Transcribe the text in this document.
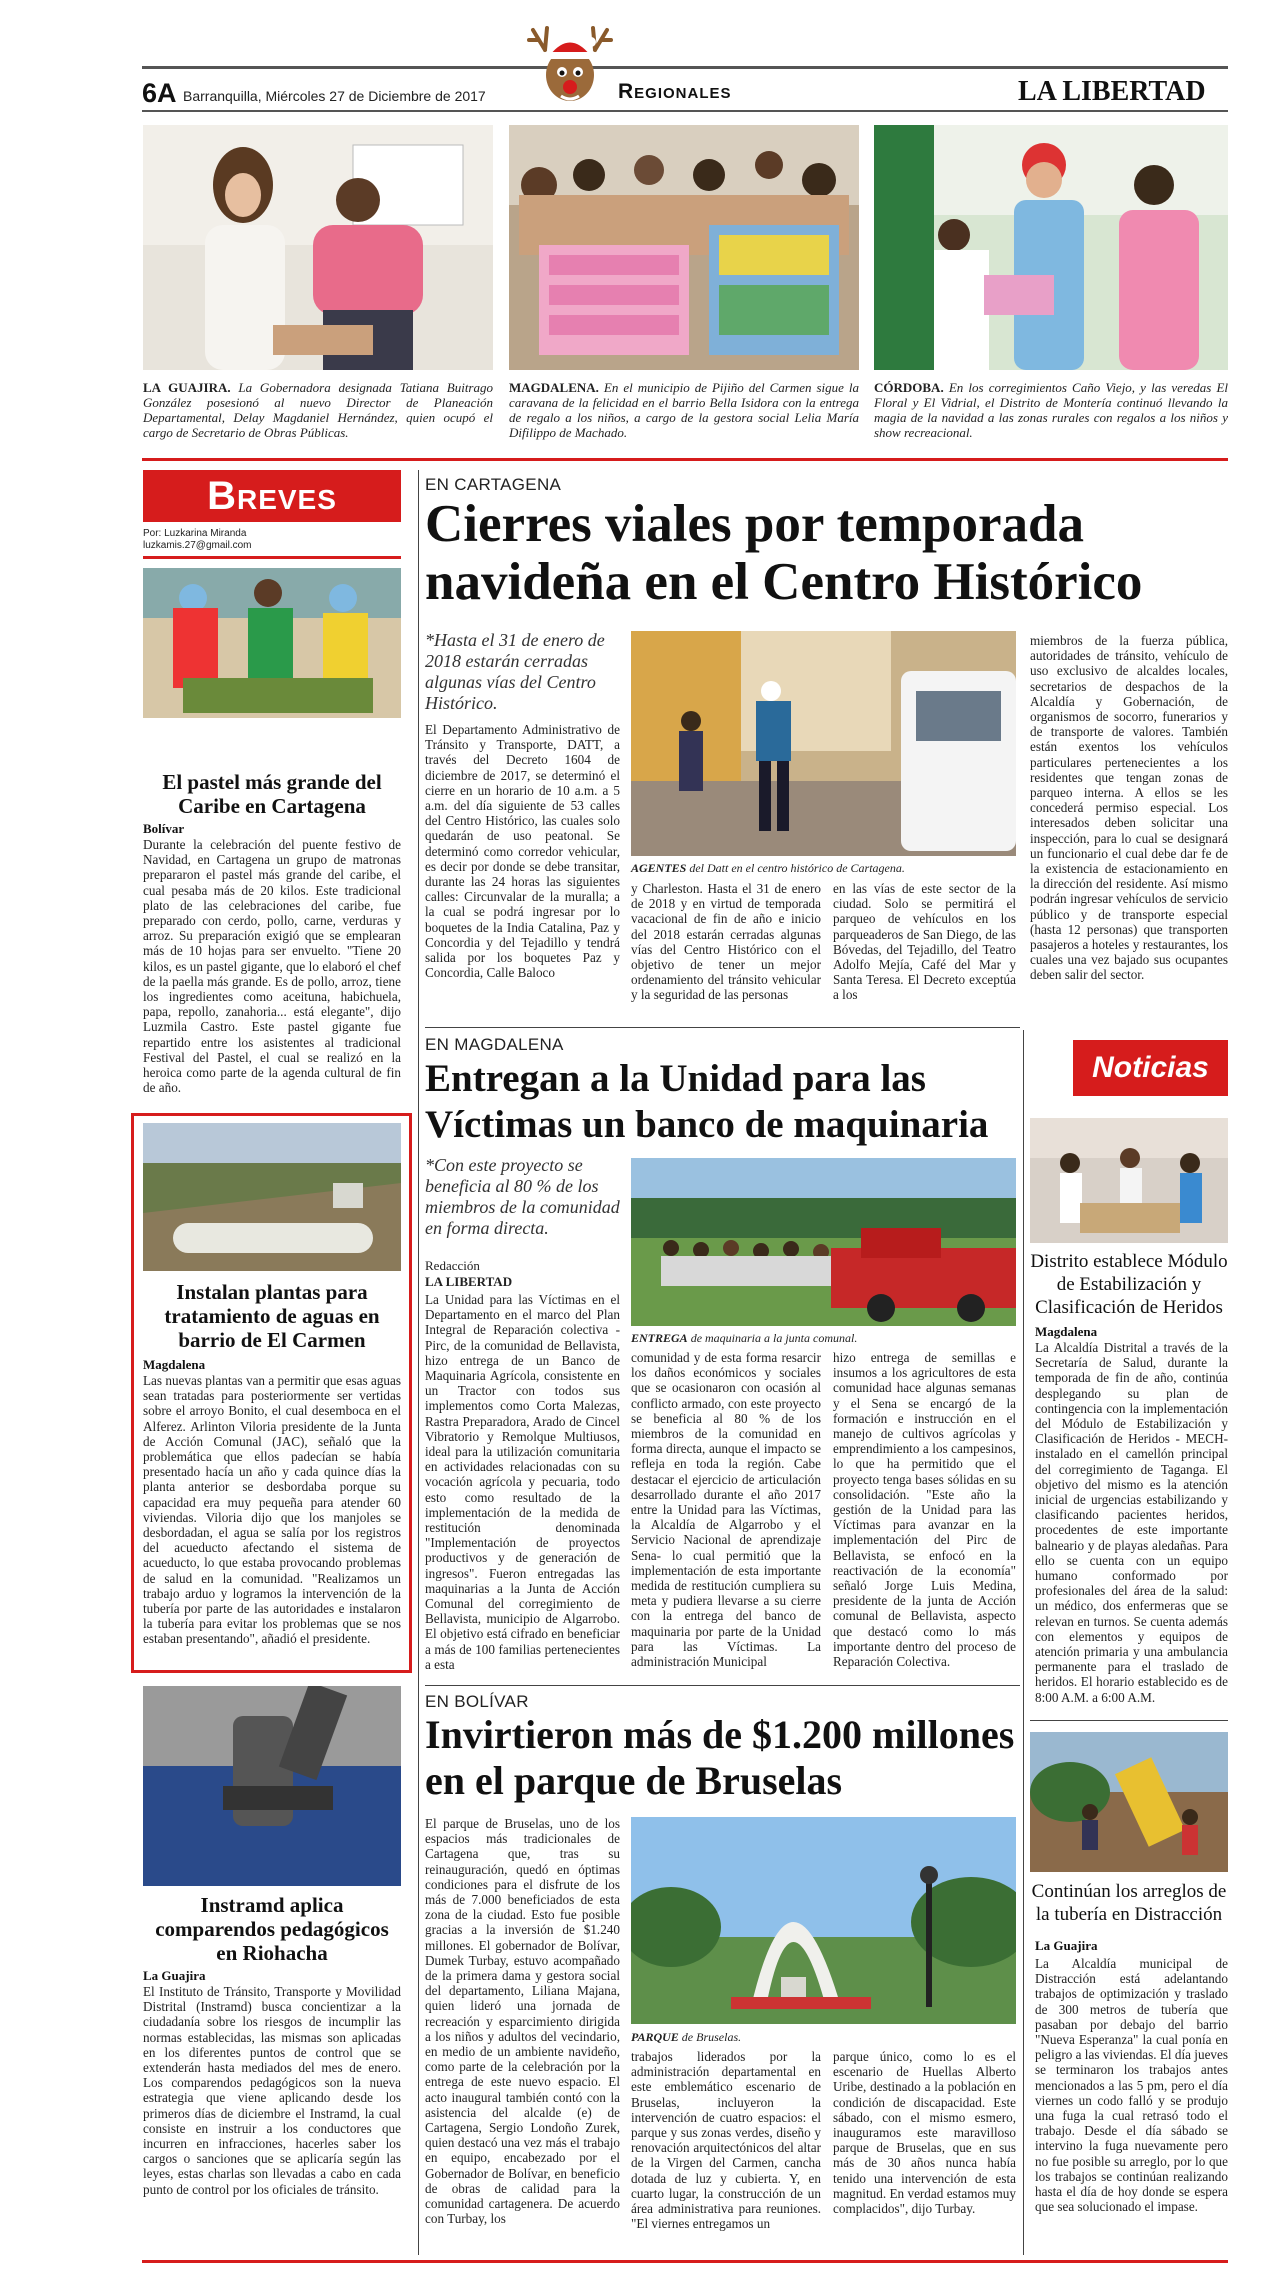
6A Barranquilla, Miércoles 27 de Diciembre de 2017	Regionales	LA LIBERTAD
LA GUAJIRA. La Gobernadora designada Tatiana Buitrago González posesionó al nuevo Director de Planeación Departamental, Delay Magdaniel Hernández, quien ocupó el cargo de Secretario de Obras Públicas.
MAGDALENA. En el municipio de Pijiño del Carmen sigue la caravana de la felicidad en el barrio Bella Isidora con la entrega de regalo a los niños, a cargo de la gestora social Lelia María Difilippo de Machado.
CÓRDOBA. En los corregimientos Caño Viejo, y las veredas El Floral y El Vidrial, el Distrito de Montería continuó llevando la magia de la navidad a las zonas rurales con regalos a los niños y show recreacional.
Breves
Por: Luzkarina Miranda
luzkamis.27@gmail.com
El pastel más grande del Caribe en Cartagena
Bolívar
Durante la celebración del puente festivo de Navidad, en Cartagena un grupo de matronas prepararon el pastel más grande del caribe, el cual pesaba más de 20 kilos. Este tradicional plato de las celebraciones del caribe, fue preparado con cerdo, pollo, carne, verduras y arroz. Su preparación exigió que se emplearan más de 10 hojas para ser envuelto. "Tiene 20 kilos, es un pastel gigante, que lo elaboró el chef de la paella más grande. Es de pollo, arroz, tiene los ingredientes como aceituna, habichuela, papa, repollo, zanahoria... está elegante", dijo Luzmila Castro. Este pastel gigante fue repartido entre los asistentes al tradicional Festival del Pastel, el cual se realizó en la heroica como parte de la agenda cultural de fin de año.
Instalan plantas para tratamiento de aguas en barrio de El Carmen
Magdalena
Las nuevas plantas van a permitir que esas aguas sean tratadas para posteriormente ser vertidas sobre el arroyo Bonito, el cual desemboca en el Alferez. Arlinton Viloria presidente de la Junta de Acción Comunal (JAC), señaló que la problemática que ellos padecían se había presentado hacía un año y cada quince días la planta anterior se desbordaba porque su capacidad era muy pequeña para atender 60 viviendas. Viloria dijo que los manjoles se desbordadan, el agua se salía por los registros del acueducto afectando el sistema de acueducto, lo que estaba provocando problemas de salud en la comunidad. "Realizamos un trabajo arduo y logramos la intervención de la tubería por parte de las autoridades e instalaron la tubería para evitar los problemas que se nos estaban presentando", añadió el presidente.
Instramd aplica comparendos pedagógicos en Riohacha
La Guajira
El Instituto de Tránsito, Transporte y Movilidad Distrital (Instramd) busca concientizar a la ciudadanía sobre los riesgos de incumplir las normas establecidas, las mismas son aplicadas en los diferentes puntos de control que se extenderán hasta mediados del mes de enero. Los comparendos pedagógicos son la nueva estrategia que viene aplicando desde los primeros días de diciembre el Instramd, la cual consiste en instruir a los conductores que incurren en infracciones, hacerles saber los cargos o sanciones que se aplicaría según las leyes, estas charlas son llevadas a cabo en cada punto de control por los oficiales de tránsito.
EN CARTAGENA
Cierres viales por temporada navideña en el Centro Histórico
*Hasta el 31 de enero de 2018 estarán cerradas algunas vías del Centro Histórico.
El Departamento Administrativo de Tránsito y Transporte, DATT, a través del Decreto 1604 de diciembre de 2017, se determinó el cierre en un horario de 10 a.m. a 5 a.m. del día siguiente de 53 calles del Centro Histórico, las cuales solo quedarán de uso peatonal. Se determinó como corredor vehicular, es decir por donde se debe transitar, durante las 24 horas las siguientes calles: Circunvalar de la muralla; a la cual se podrá ingresar por lo boquetes de la India Catalina, Paz y Concordia y del Tejadillo y tendrá salida por los boquetes Paz y Concordia, Calle Baloco
AGENTES del Datt en el centro histórico de Cartagena.
y Charleston. Hasta el 31 de enero de 2018 y en virtud de temporada vacacional de fin de año e inicio del 2018 estarán cerradas algunas vías del Centro Histórico con el objetivo de tener un mejor ordenamiento del tránsito vehicular y la seguridad de las personas
en las vías de este sector de la ciudad. Solo se permitirá el parqueo de vehículos en los parqueaderos de San Diego, de las Bóvedas, del Tejadillo, del Teatro Adolfo Mejía, Café del Mar y Santa Teresa. El Decreto exceptúa a los
miembros de la fuerza pública, autoridades de tránsito, vehículo de uso exclusivo de alcaldes locales, secretarios de despachos de la Alcaldía y Gobernación, de organismos de socorro, funerarios y de transporte de valores. También están exentos los vehículos particulares pertenecientes a los residentes que tengan zonas de parqueo interna. A ellos se les concederá permiso especial. Los interesados deben solicitar una inspección, para lo cual se designará un funcionario el cual debe dar fe de la existencia de estacionamiento en la dirección del residente. Así mismo podrán ingresar vehículos de servicio público y de transporte especial (hasta 12 personas) que transporten pasajeros a hoteles y restaurantes, los cuales una vez bajado sus ocupantes deben salir del sector.
EN MAGDALENA
Entregan a la Unidad para las Víctimas un banco de maquinaria
*Con este proyecto se beneficia al 80 % de los miembros de la comunidad en forma directa.
Redacción
LA LIBERTAD
La Unidad para las Víctimas en el Departamento en el marco del Plan Integral de Reparación colectiva - Pirc, de la comunidad de Bellavista, hizo entrega de un Banco de Maquinaria Agrícola, consistente en un Tractor con todos sus implementos como Corta Malezas, Rastra Preparadora, Arado de Cincel Vibratorio y Remolque Multiusos, ideal para la utilización comunitaria en actividades relacionadas con su vocación agrícola y pecuaria, todo esto como resultado de la implementación de la medida de restitución denominada "Implementación de proyectos productivos y de generación de ingresos". Fueron entregadas las maquinarias a la Junta de Acción Comunal del corregimiento de Bellavista, municipio de Algarrobo. El objetivo está cifrado en beneficiar a más de 100 familias pertenecientes a esta
ENTREGA de maquinaria a la junta comunal.
comunidad y de esta forma resarcir los daños económicos y sociales que se ocasionaron con ocasión al conflicto armado, con este proyecto se beneficia al 80 % de los miembros de la comunidad en forma directa, aunque el impacto se refleja en toda la región. Cabe destacar el ejercicio de articulación desarrollado durante el año 2017 entre la Unidad para las Víctimas, la Alcaldía de Algarrobo y el Servicio Nacional de aprendizaje Sena- lo cual permitió que la implementación de esta importante medida de restitución cumpliera su meta y pudiera llevarse a su cierre con la entrega del banco de maquinaria por parte de la Unidad para las Víctimas. La administración Municipal
hizo entrega de semillas e insumos a los agricultores de esta comunidad hace algunas semanas y el Sena se encargó de la formación e instrucción en el manejo de cultivos agrícolas y emprendimiento a los campesinos, lo que ha permitido que el proyecto tenga bases sólidas en su consolidación. "Este año la gestión de la Unidad para las Víctimas para avanzar en la implementación del Pirc de Bellavista, se enfocó en la reactivación de la economía" señaló Jorge Luis Medina, presidente de la junta de Acción comunal de Bellavista, aspecto que destacó como lo más importante dentro del proceso de Reparación Colectiva.
EN BOLÍVAR
Invirtieron más de $1.200 millones en el parque de Bruselas
El parque de Bruselas, uno de los espacios más tradicionales de Cartagena que, tras su reinauguración, quedó en óptimas condiciones para el disfrute de los más de 7.000 beneficiados de esta zona de la ciudad. Esto fue posible gracias a la inversión de $1.240 millones. El gobernador de Bolívar, Dumek Turbay, estuvo acompañado de la primera dama y gestora social del departamento, Liliana Majana, quien lideró una jornada de recreación y esparcimiento dirigida a los niños y adultos del vecindario, en medio de un ambiente navideño, como parte de la celebración por la entrega de este nuevo espacio. El acto inaugural también contó con la asistencia del alcalde (e) de Cartagena, Sergio Londoño Zurek, quien destacó una vez más el trabajo en equipo, encabezado por el Gobernador de Bolívar, en beneficio de obras de calidad para la comunidad cartagenera. De acuerdo con Turbay, los
PARQUE de Bruselas.
trabajos liderados por la administración departamental en este emblemático escenario de Bruselas, incluyeron la intervención de cuatro espacios: el parque y sus zonas verdes, diseño y renovación arquitectónicos del altar de la Virgen del Carmen, cancha dotada de luz y cubierta. Y, en cuarto lugar, la construcción de un área administrativa para reuniones. "El viernes entregamos un
parque único, como lo es el escenario de Huellas Alberto Uribe, destinado a la población en condición de discapacidad. Este sábado, con el mismo esmero, inauguramos este maravilloso parque de Bruselas, que en sus más de 30 años nunca había tenido una intervención de esta magnitud. En verdad estamos muy complacidos", dijo Turbay.
Noticias
Distrito establece Módulo de Estabilización y Clasificación de Heridos
Magdalena
La Alcaldía Distrital a través de la Secretaría de Salud, durante la temporada de fin de año, continúa desplegando su plan de contingencia con la implementación del Módulo de Estabilización y Clasificación de Heridos - MECH- instalado en el camellón principal del corregimiento de Taganga. El objetivo del mismo es la atención inicial de urgencias estabilizando y clasificando pacientes heridos, procedentes de este importante balneario y de playas aledañas. Para ello se cuenta con un equipo humano conformado por profesionales del área de la salud: un médico, dos enfermeras que se relevan en turnos. Se cuenta además con elementos y equipos de atención primaria y una ambulancia permanente para el traslado de heridos. El horario establecido es de 8:00 A.M. a 6:00 A.M.
Continúan los arreglos de la tubería en Distracción
La Guajira
La Alcaldía municipal de Distracción está adelantando trabajos de optimización y traslado de 300 metros de tubería que pasaban por debajo del barrio "Nueva Esperanza" la cual ponía en peligro a las viviendas. El día jueves se terminaron los trabajos antes mencionados a las 5 pm, pero el día viernes un codo falló y se produjo una fuga la cual retrasó todo el trabajo. Desde el día sábado se intervino la fuga nuevamente pero no fue posible su arreglo, por lo que los trabajos se continúan realizando hasta el día de hoy donde se espera que sea solucionado el impase.
